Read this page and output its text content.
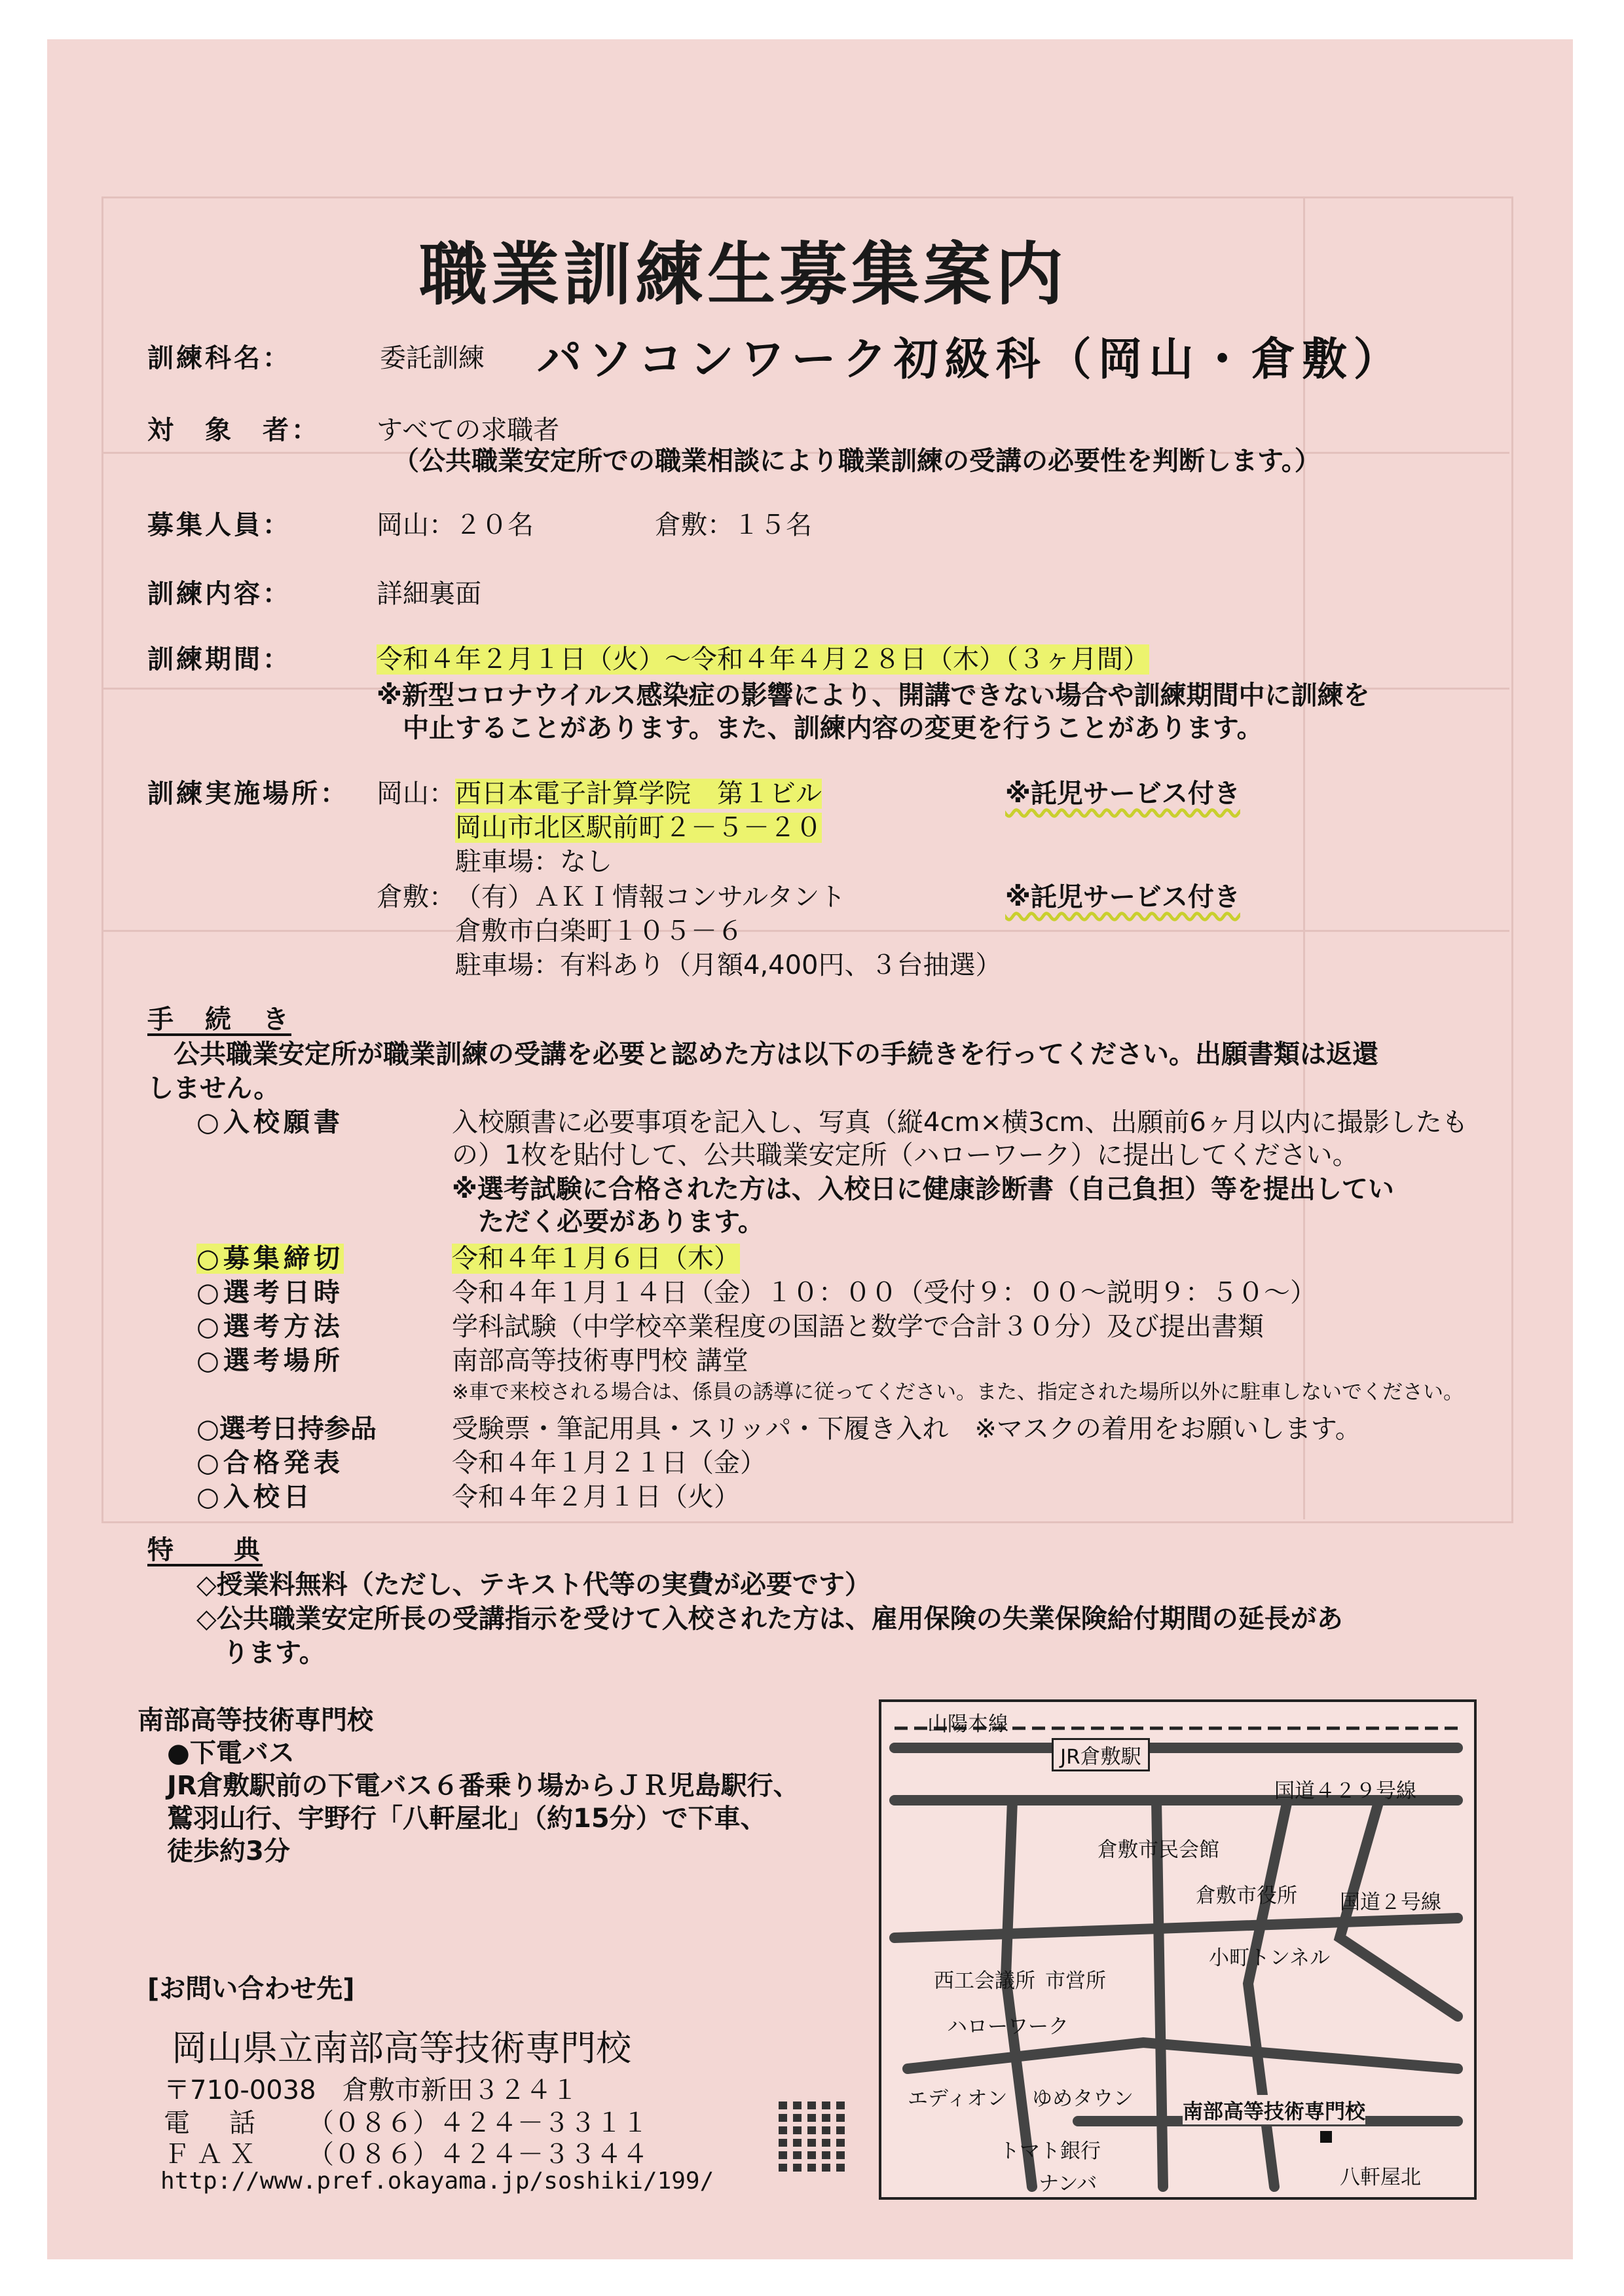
職業訓練生募集案内
訓練科名：	委託訓練 パソコンワーク初級科（岡山・倉敷）
対　象　者： すべての求職者
（公共職業安定所での職業相談により職業訓練の受講の必要性を判断します。）
募集人員：	岡山：２０名	倉敷：１５名
訓練内容：	詳細裏面
訓練期間：	令和４年２月１日（火）～令和４年４月２８日（木）（３ヶ月間）
※新型コロナウイルス感染症の影響により、開講できない場合や訓練期間中に訓練を
中止することがあります。また、訓練内容の変更を行うことがあります。
訓練実施場所： 岡山： 西日本電子計算学院　第１ビル	※託児サービス付き
岡山市北区駅前町２－５－２０
駐車場：なし
倉敷： （有）ＡＫＩ情報コンサルタント	※託児サービス付き
倉敷市白楽町１０５－６
駐車場：有料あり（月額4,400円、３台抽選）
手　続　き
公共職業安定所が職業訓練の受講を必要と認めた方は以下の手続きを行ってください。出願書類は返還
しません。
○入校願書	入校願書に必要事項を記入し、写真（縦4cm×横3cm、出願前6ヶ月以内に撮影したも
の）1枚を貼付して、公共職業安定所（ハローワーク）に提出してください。
※選考試験に合格された方は、入校日に健康診断書（自己負担）等を提出してい
　ただく必要があります。
○募集締切	令和４年１月６日（木）
○選考日時	令和４年１月１４日（金）１０：００（受付９：００～説明９：５０～）
○選考方法	学科試験（中学校卒業程度の国語と数学で合計３０分）及び提出書類
○選考場所	南部高等技術専門校 講堂
※車で来校される場合は、係員の誘導に従ってください。また、指定された場所以外に駐車しないでください。
○選考日持参品	受験票・筆記用具・スリッパ・下履き入れ　※マスクの着用をお願いします。
○合格発表	令和４年１月２１日（金）
○入校日	令和４年２月１日（火）
特　　典
◇授業料無料（ただし、テキスト代等の実費が必要です）
◇公共職業安定所長の受講指示を受けて入校された方は、雇用保険の失業保険給付期間の延長があ
ります。
南部高等技術専門校
●下電バス
JR倉敷駅前の下電バス６番乗り場からＪＲ児島駅行、
鷲羽山行、宇野行「八軒屋北」（約15分）で下車、
徒歩約3分
[お問い合わせ先]
岡山県立南部高等技術専門校
〒710-0038　倉敷市新田３２４１
電　話 （０８６）４２４－３３１１
ＦＡＸ （０８６）４２４－３３４４
http://www.pref.okayama.jp/soshiki/199/
山陽本線
JR倉敷駅
国道４２９号線
倉敷市民会館
倉敷市役所 国道２号線
小町トンネル
西工会議所 市営所
ハローワーク
エディオン ゆめタウン
トマト銀行
ナンバ
南部高等技術専門校
八軒屋北
